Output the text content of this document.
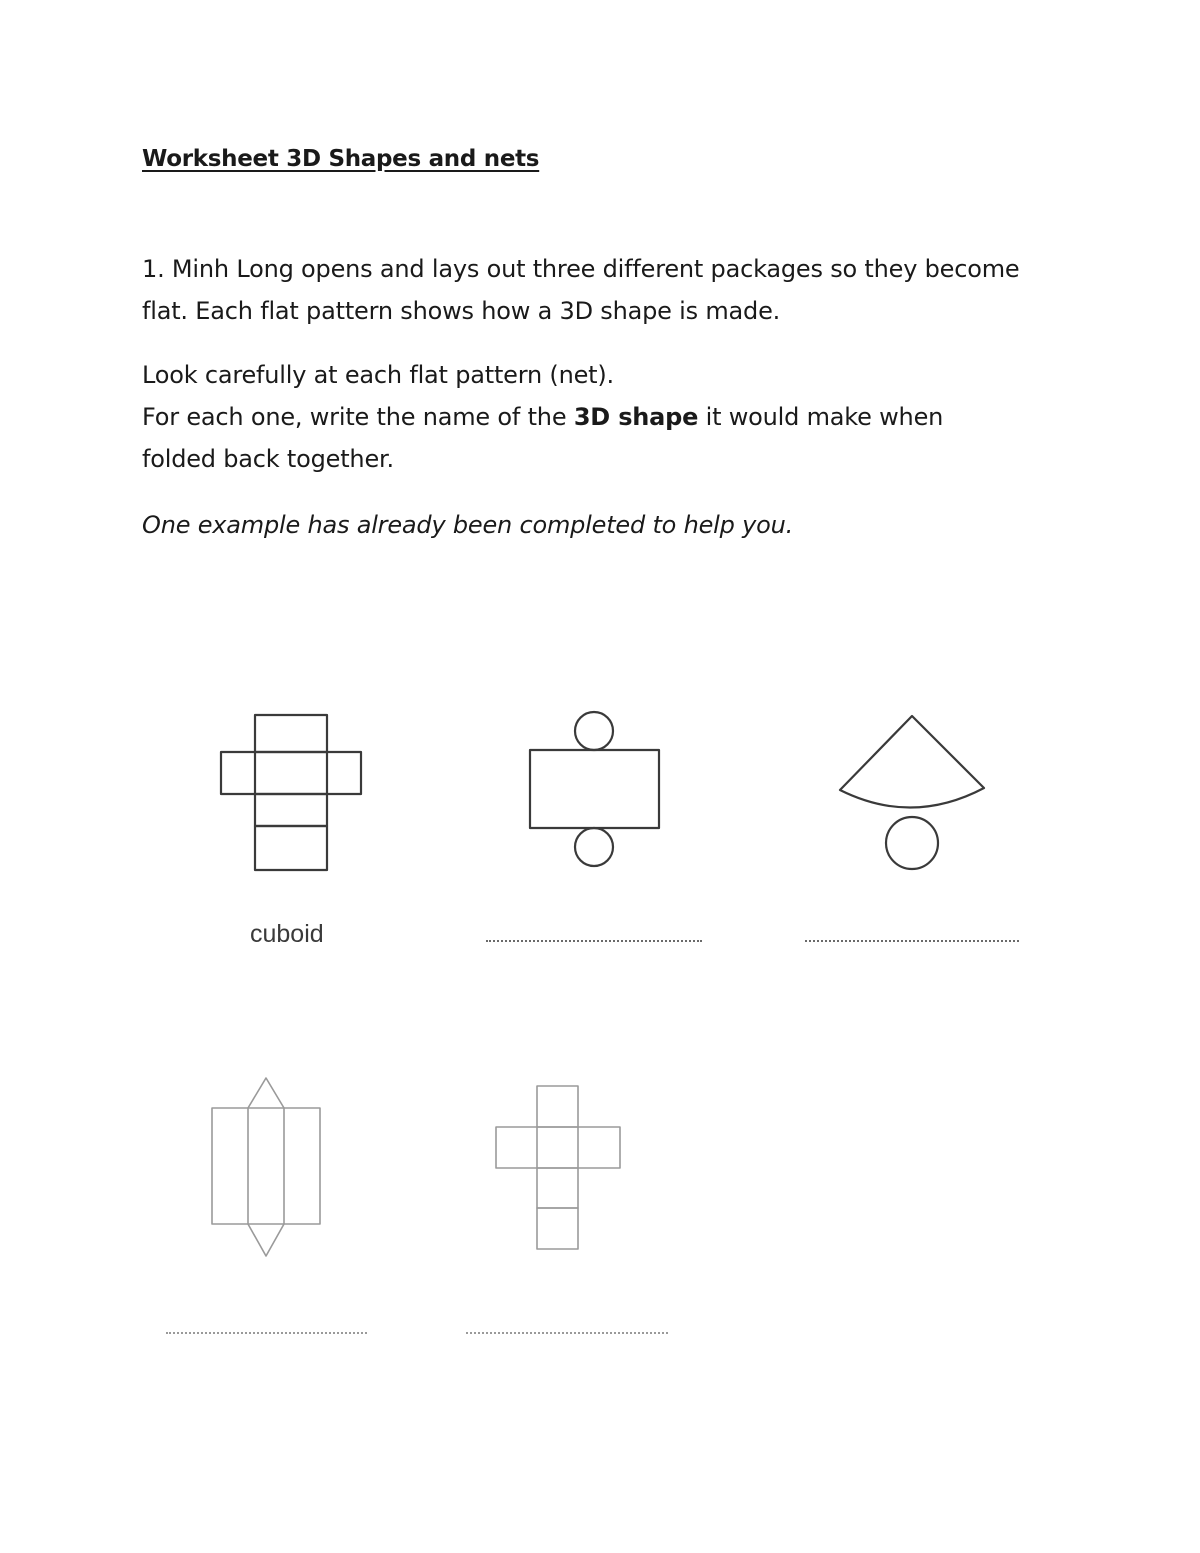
Worksheet 3D Shapes and nets

1. Minh Long opens and lays out three different packages so they become flat. Each flat pattern shows how a 3D shape is made.

Look carefully at each flat pattern (net).
For each one, write the name of the 3D shape it would make when folded back together.

One example has already been completed to help you.

cuboid
